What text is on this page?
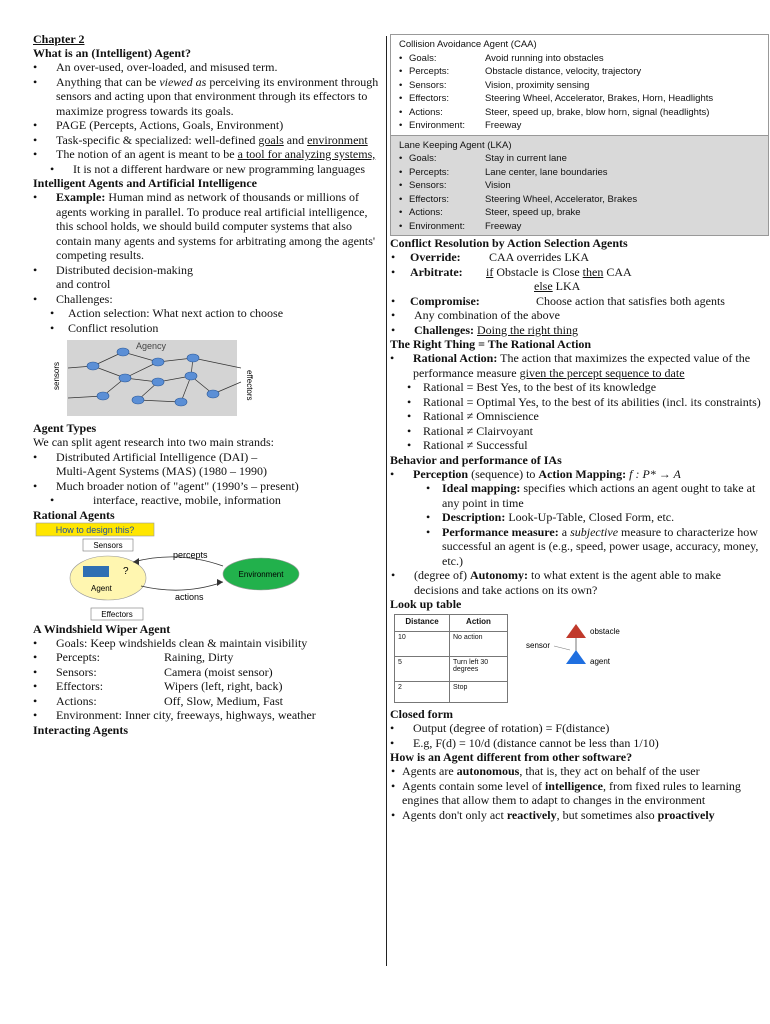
Chapter 2

What is an (Intelligent) Agent?

• An over-used, over-loaded, and misused term.
• Anything that can be viewed as perceiving its environment through sensors and acting upon that environment through its effectors to maximize progress towards its goals.
• PAGE (Percepts, Actions, Goals, Environment)
• Task-specific & specialized: well-defined goals and environment
• The notion of an agent is meant to be a tool for analyzing systems,
• It is not a different hardware or new programming languages

Intelligent Agents and Artificial Intelligence

• Example: Human mind as network of thousands or millions of agents working in parallel. To produce real artificial intelligence, this school holds, we should build computer systems that also contain many agents and systems for arbitrating among the agents' competing results.
• Distributed decision-making
and control
• Challenges:
• Action selection: What next action to choose
• Conflict resolution
Agency
sensors	effectors

Agent Types

We can split agent research into two main strands:

• Distributed Artificial Intelligence (DAI) –
Multi-Agent Systems (MAS) (1980 – 1990)
• Much broader notion of "agent" (1990’s – present)
• interface, reactive, mobile, information

Rational Agents

How to design this?
Sensors
?
Agent
percepts
actions
Environment
Effectors

A Windshield Wiper Agent

• Goals: Keep windshields clean & maintain visibility
• Percepts:	Raining, Dirty
• Sensors:	Camera (moist sensor)
• Effectors:	Wipers (left, right, back)
• Actions:	Off, Slow, Medium, Fast
• Environment: Inner city, freeways, highways, weather

Interacting Agents

Collision Avoidance Agent (CAA)
• Goals:	Avoid running into obstacles
• Percepts:	Obstacle distance, velocity, trajectory
• Sensors:	Vision, proximity sensing
• Effectors:	Steering Wheel, Accelerator, Brakes, Horn, Headlights
• Actions:	Steer, speed up, brake, blow horn, signal (headlights)
• Environment:	Freeway
Lane Keeping Agent (LKA)
• Goals:	Stay in current lane
• Percepts:	Lane center, lane boundaries
• Sensors:	Vision
• Effectors:	Steering Wheel, Accelerator, Brakes
• Actions:	Steer, speed up, brake
• Environment:	Freeway

Conflict Resolution by Action Selection Agents

• Override: CAA overrides LKA
• Arbitrate: if Obstacle is Close then CAA
else LKA
• Compromise:	Choose action that satisfies both agents
• Any combination of the above
• Challenges: Doing the right thing

The Right Thing = The Rational Action

• Rational Action: The action that maximizes the expected value of the performance measure given the percept sequence to date
• Rational = Best Yes, to the best of its knowledge
• Rational = Optimal Yes, to the best of its abilities (incl. its constraints)
• Rational ≠ Omniscience
• Rational ≠ Clairvoyant
• Rational ≠ Successful

Behavior and performance of IAs

• Perception (sequence) to Action Mapping: f : P* → A
• Ideal mapping: specifies which actions an agent ought to take at any point in time
• Description: Look-Up-Table, Closed Form, etc.
• Performance measure: a subjective measure to characterize how successful an agent is (e.g., speed, power usage, accuracy, money, etc.)
• (degree of) Autonomy: to what extent is the agent able to make decisions and take actions on its own?

Look up table

Distance	Action
10	No action
5	Turn left 30 degrees
2	Stop
obstacle
sensor
agent

Closed form

• Output (degree of rotation) = F(distance)
• E.g, F(d) = 10/d (distance cannot be less than 1/10)

How is an Agent different from other software?

• Agents are autonomous, that is, they act on behalf of the user
• Agents contain some level of intelligence, from fixed rules to learning engines that allow them to adapt to changes in the environment
• Agents don't only act reactively, but sometimes also proactively
